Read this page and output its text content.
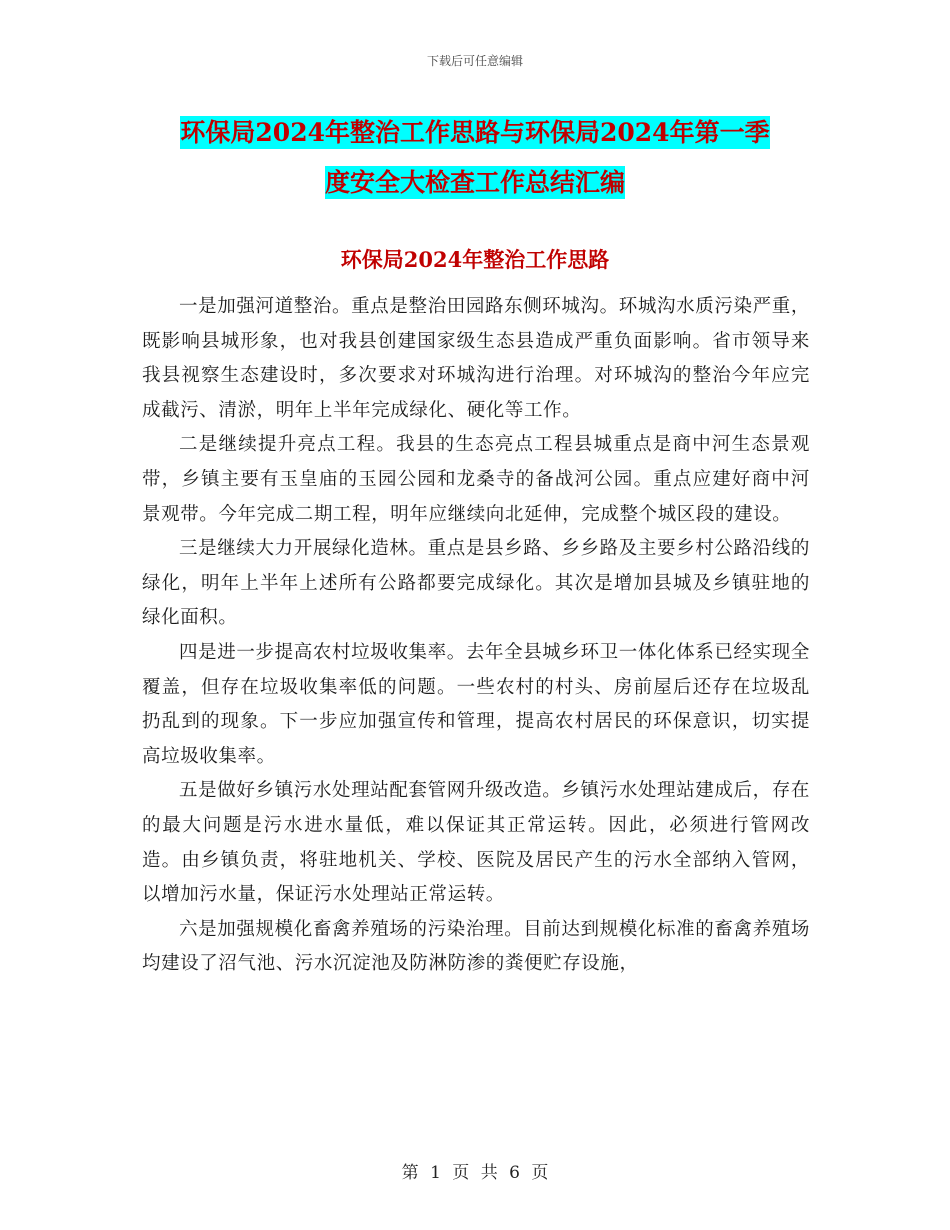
下载后可任意编辑
环保局2024年整治工作思路与环保局2024年第一季
度安全大检查工作总结汇编
环保局2024年整治工作思路

一是加强河道整治。重点是整治田园路东侧环城沟。环城沟水质污染严重，既影响县城形象，也对我县创建国家级生态县造成严重负面影响。省市领导来我县视察生态建设时，多次要求对环城沟进行治理。对环城沟的整治今年应完成截污、清淤，明年上半年完成绿化、硬化等工作。

二是继续提升亮点工程。我县的生态亮点工程县城重点是商中河生态景观带，乡镇主要有玉皇庙的玉园公园和龙桑寺的备战河公园。重点应建好商中河景观带。今年完成二期工程，明年应继续向北延伸，完成整个城区段的建设。

三是继续大力开展绿化造林。重点是县乡路、乡乡路及主要乡村公路沿线的绿化，明年上半年上述所有公路都要完成绿化。其次是增加县城及乡镇驻地的绿化面积。

四是进一步提高农村垃圾收集率。去年全县城乡环卫一体化体系已经实现全覆盖，但存在垃圾收集率低的问题。一些农村的村头、房前屋后还存在垃圾乱扔乱到的现象。下一步应加强宣传和管理，提高农村居民的环保意识，切实提高垃圾收集率。

五是做好乡镇污水处理站配套管网升级改造。乡镇污水处理站建成后，存在的最大问题是污水进水量低，难以保证其正常运转。因此，必须进行管网改造。由乡镇负责，将驻地机关、学校、医院及居民产生的污水全部纳入管网，以增加污水量，保证污水处理站正常运转。

六是加强规模化畜禽养殖场的污染治理。目前达到规模化标准的畜禽养殖场均建设了沼气池、污水沉淀池及防淋防渗的粪便贮存设施，

第 1 页 共 6 页
